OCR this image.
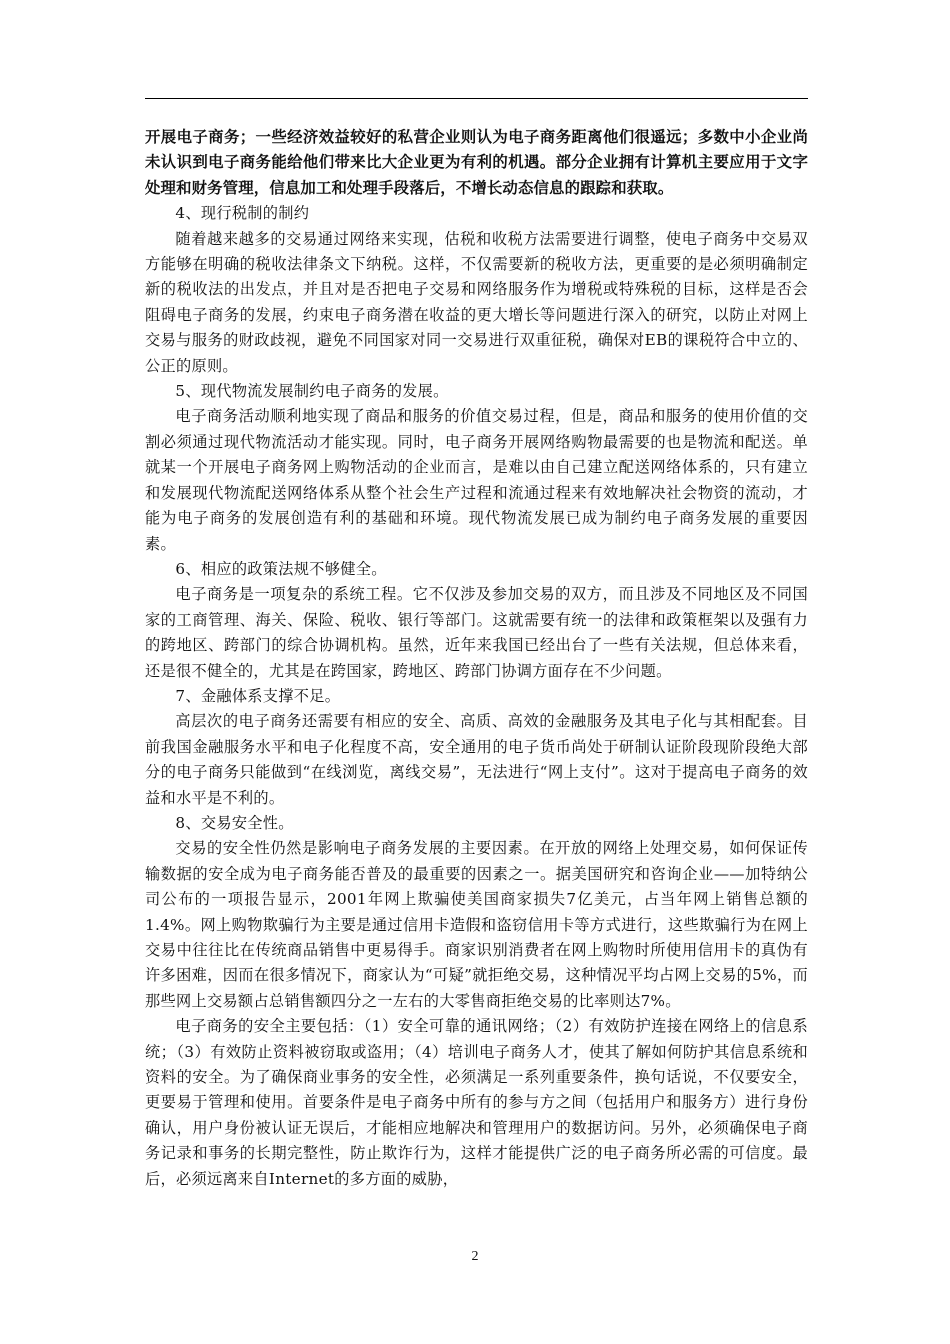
开展电子商务；一些经济效益较好的私营企业则认为电子商务距离他们很遥远；多数中小企业尚未认识到电子商务能给他们带来比大企业更为有利的机遇。部分企业拥有计算机主要应用于文字处理和财务管理，信息加工和处理手段落后，不增长动态信息的跟踪和获取。

4、现行税制的制约

随着越来越多的交易通过网络来实现，估税和收税方法需要进行调整，使电子商务中交易双方能够在明确的税收法律条文下纳税。这样，不仅需要新的税收方法，更重要的是必须明确制定新的税收法的出发点，并且对是否把电子交易和网络服务作为增税或特殊税的目标，这样是否会阻碍电子商务的发展，约束电子商务潜在收益的更大增长等问题进行深入的研究，以防止对网上交易与服务的财政歧视，避免不同国家对同一交易进行双重征税，确保对EB的课税符合中立的、公正的原则。

5、现代物流发展制约电子商务的发展。

电子商务活动顺利地实现了商品和服务的价值交易过程，但是，商品和服务的使用价值的交割必须通过现代物流活动才能实现。同时，电子商务开展网络购物最需要的也是物流和配送。单就某一个开展电子商务网上购物活动的企业而言，是难以由自己建立配送网络体系的，只有建立和发展现代物流配送网络体系从整个社会生产过程和流通过程来有效地解决社会物资的流动，才能为电子商务的发展创造有利的基础和环境。现代物流发展已成为制约电子商务发展的重要因素。

6、相应的政策法规不够健全。

电子商务是一项复杂的系统工程。它不仅涉及参加交易的双方，而且涉及不同地区及不同国家的工商管理、海关、保险、税收、银行等部门。这就需要有统一的法律和政策框架以及强有力的跨地区、跨部门的综合协调机构。虽然，近年来我国已经出台了一些有关法规，但总体来看，还是很不健全的，尤其是在跨国家，跨地区、跨部门协调方面存在不少问题。

7、金融体系支撑不足。

高层次的电子商务还需要有相应的安全、高质、高效的金融服务及其电子化与其相配套。目前我国金融服务水平和电子化程度不高，安全通用的电子货币尚处于研制认证阶段现阶段绝大部分的电子商务只能做到“在线浏览，离线交易”，无法进行“网上支付”。这对于提高电子商务的效益和水平是不利的。

8、交易安全性。

交易的安全性仍然是影响电子商务发展的主要因素。在开放的网络上处理交易，如何保证传输数据的安全成为电子商务能否普及的最重要的因素之一。据美国研究和咨询企业——加特纳公司公布的一项报告显示，2001年网上欺骗使美国商家损失7亿美元，占当年网上销售总额的1.4%。网上购物欺骗行为主要是通过信用卡造假和盗窃信用卡等方式进行，这些欺骗行为在网上交易中往往比在传统商品销售中更易得手。商家识别消费者在网上购物时所使用信用卡的真伪有许多困难，因而在很多情况下，商家认为“可疑”就拒绝交易，这种情况平均占网上交易的5%，而那些网上交易额占总销售额四分之一左右的大零售商拒绝交易的比率则达7%。

电子商务的安全主要包括：（1）安全可靠的通讯网络；（2）有效防护连接在网络上的信息系统；（3）有效防止资料被窃取或盗用；（4）培训电子商务人才，使其了解如何防护其信息系统和资料的安全。为了确保商业事务的安全性，必须满足一系列重要条件，换句话说，不仅要安全，更要易于管理和使用。首要条件是电子商务中所有的参与方之间（包括用户和服务方）进行身份确认，用户身份被认证无误后，才能相应地解决和管理用户的数据访问。另外，必须确保电子商务记录和事务的长期完整性，防止欺诈行为，这样才能提供广泛的电子商务所必需的可信度。最后，必须远离来自Internet的多方面的威胁，

2
